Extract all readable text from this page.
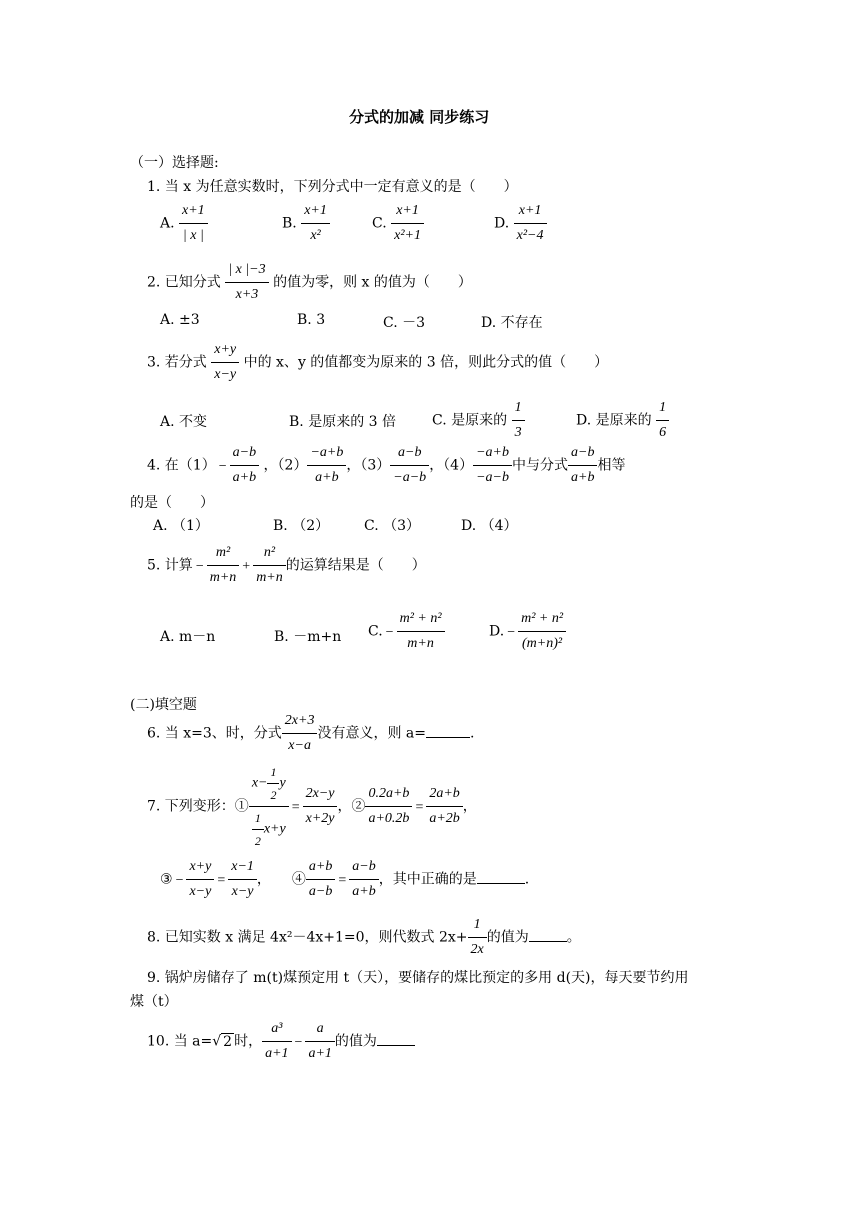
分式的加减 同步练习
（一）选择题:
1. 当 x 为任意实数时，下列分式中一定有意义的是（　　）
A. $\frac{x+1}{| x |}$	B. $\frac{x+1}{\text{x²}}$	C. $\frac{x+1}{\text{x²+1}}$	D. $\frac{x+1}{\text{x²−4}}$
2. 已知分式 $\frac{| x |-3}{x+3}$ 的值为零，则 x 的值为（　　）
A. ±3	B. 3	C. －3	D. 不存在
3. 若分式 $\frac{x+y}{x-y}$ 中的 x、y 的值都变为原来的 3 倍，则此分式的值（　　）
A. 不变	B. 是原来的 3 倍	C. 是原来的 $\frac{1}{3}$	D. 是原来的 $\frac{1}{6}$
4. 在$(1) - \frac{a-b}{a+b}$ ，$(2) \frac{-a+b}{a+b}$ ，$(3) \frac{a-b}{-a-b}$ ，$(4) \frac{-a+b}{-a-b}$ 中与分式 $\frac{a-b}{a+b}$ 相等
的是（　　）
A. （1）	B. （2） C. （3）	D. （4）
5. 计算 − $\frac{\text{m²}}{m+n} + \frac{\text{n²}}{m+n}$ 的运算结果是（　　）
A. m－n	B. －m+n C. − $\frac{\text{m² + n²}}{m+n}$	D. − $\frac{\text{m² + n²}}{\text{(m+n)²}}$
(二)填空题
6. 当 x=3、时，分式 $\frac{2x+3}{x-a}$ 没有意义，则 a=	.
7. 下列变形：① $\frac{x- \frac{1}{2} y}{\frac{1}{2} x+y} = \frac{2x-y}{x+2y}$ ，② $\frac{0.2a+b}{a+0.2b} = \frac{2a+b}{a+2b}$ ，
③ − $\frac{x+y}{x-y} = \frac{x-1}{x-y}$ ，　　④ $\frac{a+b}{a-b} = \frac{a-b}{a+b}$ ，其中正确的是	.
8. 已知实数 x 满足 4x²－4x+1=0，则代数式 $2x+ \frac{1}{2x}$ 的值为	。
9. 锅炉房储存了 m(t)煤预定用 t（天），要储存的煤比预定的多用 d(天)，每天要节约用
煤（t）
10. 当 a=√ 2 时， $\frac{\text{a³}}{a+1} - \frac{a}{a+1}$ 的值为
